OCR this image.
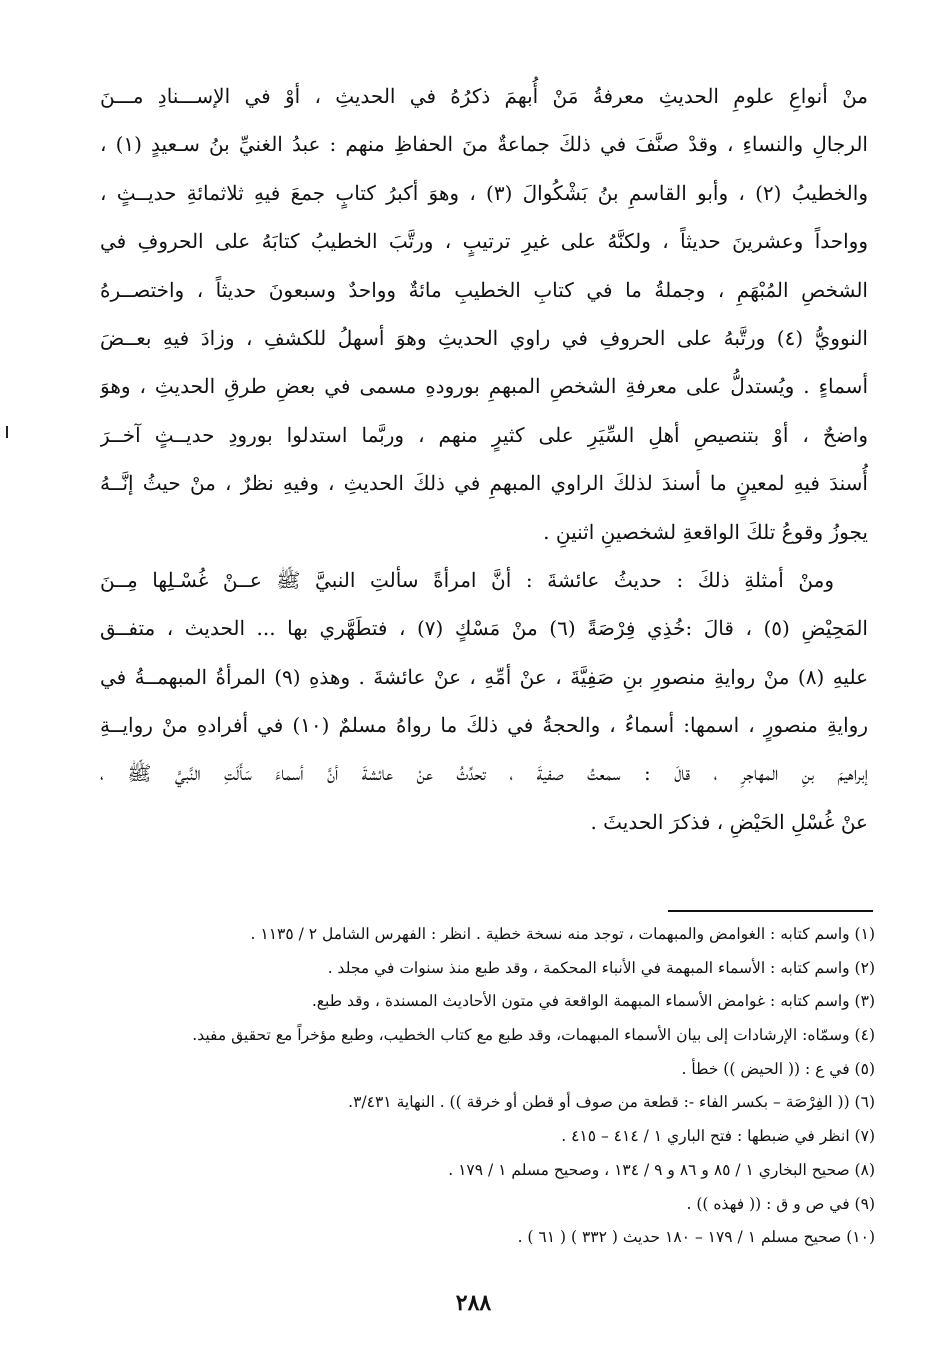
منْ أنواعِ علومِ الحديثِ معرفةُ مَنْ أُبهمَ ذكرُهُ في الحديثِ ، أوْ في الإســـنادِ مـــنَ
الرجالِ والنساءِ ، وقدْ صنَّفَ في ذلكَ جماعةٌ منَ الحفاظِ منهم : عبدُ الغنيِّ بنُ سـعيدٍ (١) ،
والخطيبُ (٢) ، وأبو القاسمِ بنُ بَشْكُوالَ (٣) ، وهوَ أكبرُ كتابٍ جمعَ فيهِ ثلاثمائةِ حديــثٍ ،
وواحداً وعشرينَ حديثاً ، ولكنَّهُ على غيرِ ترتيبٍ ، ورتَّبَ الخطيبُ كتابَهُ على الحروفِ في
الشخصِ المُبْهَمِ ، وجملةُ ما في كتابِ الخطيبِ مائةٌ وواحدٌ وسبعونَ حديثاً ، واختصــرهُ
النوويُّ (٤) ورتَّبهُ على الحروفِ في راوي الحديثِ وهوَ أسهلُ للكشفِ ، وزادَ فيهِ بعــضَ
أسماءٍ . ويُستدلُّ على معرفةِ الشخصِ المبهمِ بورودهِ مسمى في بعضِ طرقِ الحديثِ ، وهوَ
واضحٌ ، أوْ بتنصيصِ أهلِ السِّيَرِ على كثيرٍ منهم ، وربَّما استدلوا بورودِ حديــثٍ آخــرَ
أُسندَ فيهِ لمعينٍ ما أسندَ لذلكَ الراوي المبهمِ في ذلكَ الحديثِ ، وفيهِ نظرٌ ، منْ حيثُ إنَّــهُ
يجوزُ وقوعُ تلكَ الواقعةِ لشخصينِ اثنينِ .
ومنْ أمثلةِ ذلكَ : حديثُ عائشةَ : أنَّ امرأةً سألتِ النبيَّ ﷺ عــنْ غُسْـلِها مِــنَ
المَحِيْضِ (٥) ، قالَ :خُذِي فِرْصَةً (٦) منْ مَسْكٍ (٧) ، فتطَهَّري بها ... الحديث ، متفــق
عليهِ (٨) منْ روايةِ منصورِ بنِ صَفِيَّةَ ، عنْ أمِّهِ ، عنْ عائشةَ . وهذهِ (٩) المرأةُ المبهمــةُ في
روايةِ منصورٍ ، اسمها: أسماءُ ، والحجةُ في ذلكَ ما رواهُ مسلمٌ (١٠) في أفرادهِ منْ روايــةِ
إبراهيمَ بنِ المهاجرِ ، قالَ : سمعتُ صفيةَ ، تحدِّثُ عنْ عائشةَ أنَّ أسماءَ سَأَلَتِ النَّبيَّ ﷺ ،
عنْ غُسْلِ الحَيْضِ ، فذكرَ الحديثَ .
(١) واسم كتابه : الغوامض والمبهمات ، توجد منه نسخة خطية . انظر : الفهرس الشامل ٢ / ١١٣٥ .
(٢) واسم كتابه : الأسماء المبهمة في الأنباء المحكمة ، وقد طبع منذ سنوات في مجلد .
(٣) واسم كتابه : غوامض الأسماء المبهمة الواقعة في متون الأحاديث المسندة ، وقد طبع.
(٤) وسمّاه: الإرشادات إلى بيان الأسماء المبهمات، وقد طبع مع كتاب الخطيب، وطبع مؤخراً مع تحقيق مفيد.
(٥) في ع : (( الحيض )) خطأ .
(٦) (( الفِرْصَة – بكسر الفاء -: قطعة من صوف أو قطن أو خرقة )) . النهاية ٣/٤٣١.
(٧) انظر في ضبطها : فتح الباري ١ / ٤١٤ – ٤١٥ .
(٨) صحيح البخاري ١ / ٨٥ و ٨٦ و ٩ / ١٣٤ ، وصحيح مسلم ١ / ١٧٩ .
(٩) في ص و ق : (( فهذه )) .
(١٠) صحيح مسلم ١ / ١٧٩ – ١٨٠ حديث ( ٣٣٢ ) ( ٦١ ) .
٢٨٨
